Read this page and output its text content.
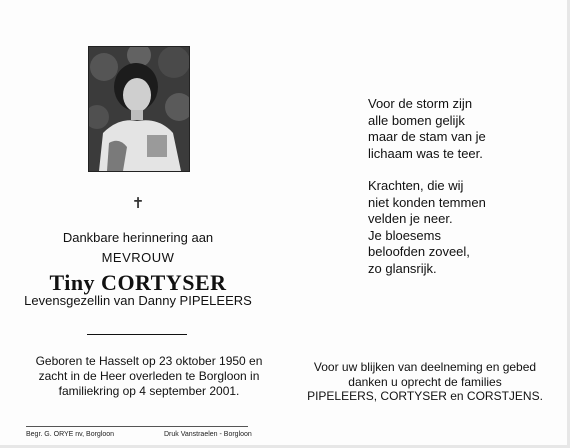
✝
Dankbare herinnering aan
MEVROUW
Tiny CORTYSER
Levensgezellin van Danny PIPELEERS
Geboren te Hasselt op 23 oktober 1950 en
zacht in de Heer overleden te Borgloon in
familiekring op 4 september 2001.
Begr. G. ORYE nv, Borgloon	Druk Vanstraelen - Borgloon
Voor de storm zijn
alle bomen gelijk
maar de stam van je
lichaam was te teer.
Krachten, die wij
niet konden temmen
velden je neer.
Je bloesems
beloofden zoveel,
zo glansrijk.
Voor uw blijken van deelneming en gebed
danken u oprecht de families
PIPELEERS, CORTYSER en CORSTJENS.
